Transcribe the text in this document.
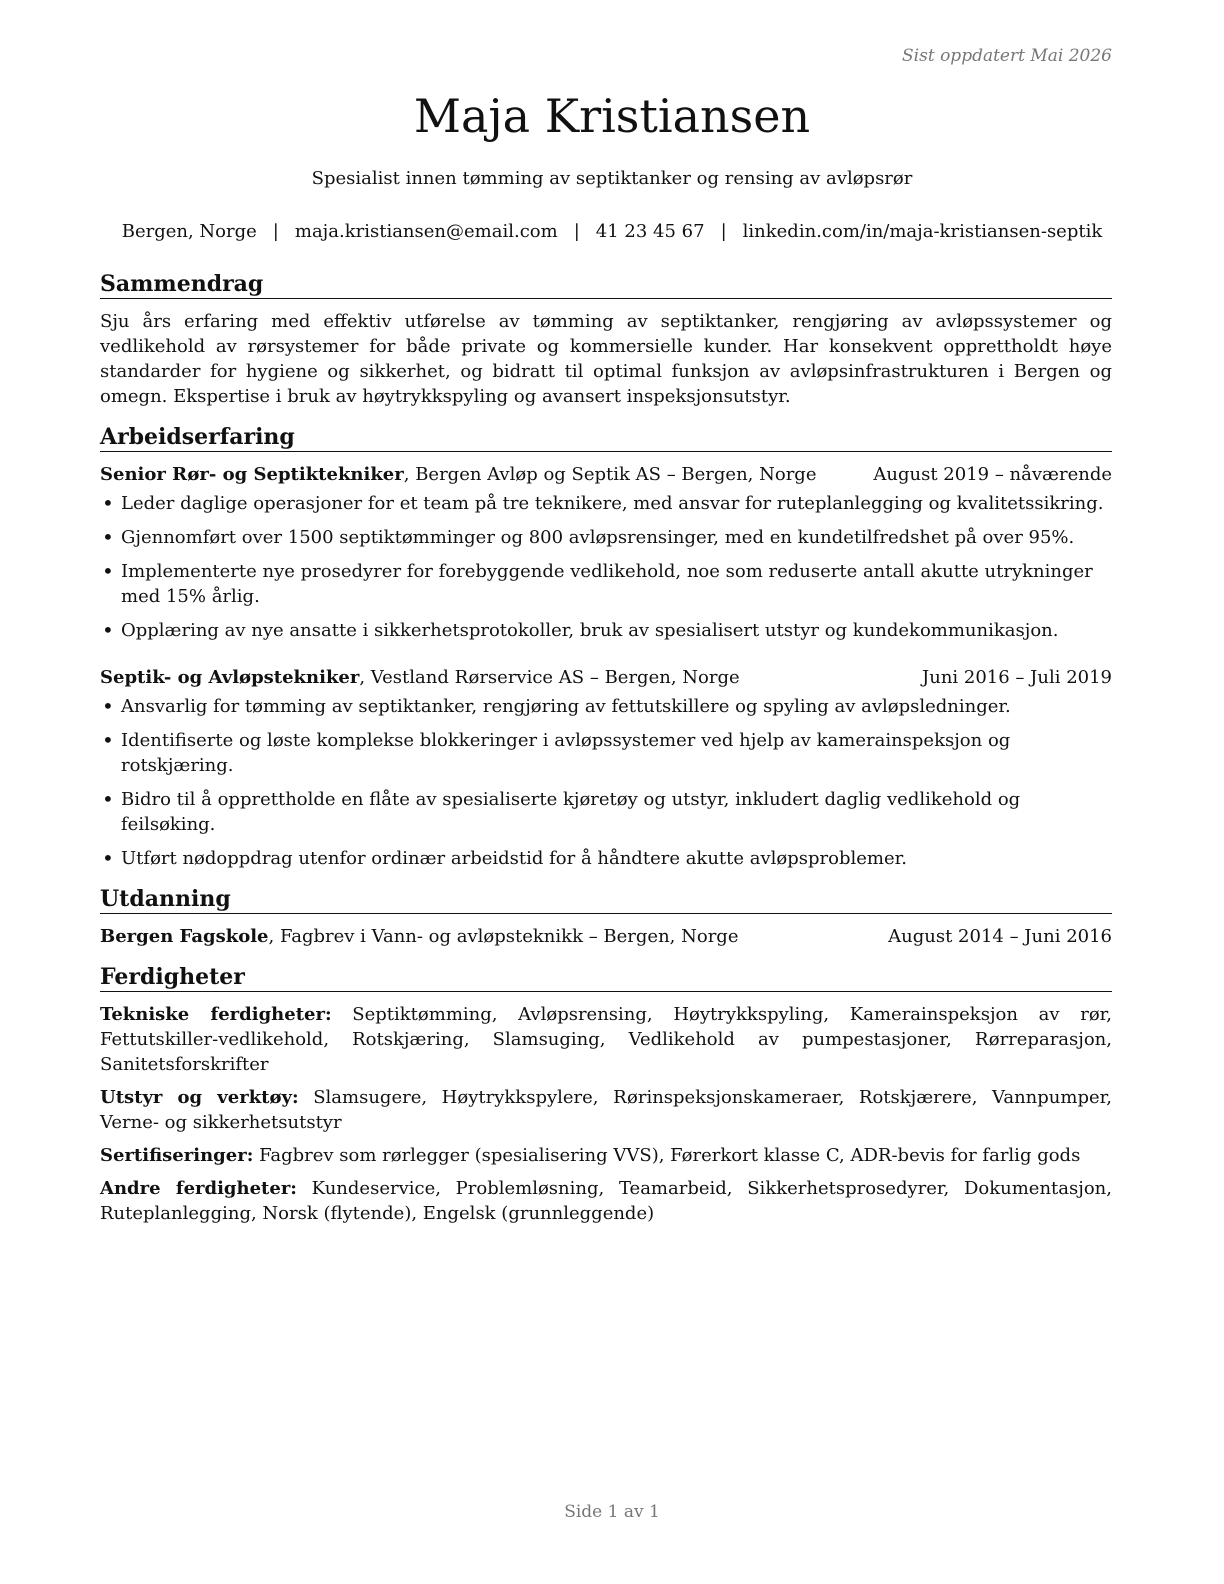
Sist oppdatert Mai 2026
Maja Kristiansen
Spesialist innen tømming av septiktanker og rensing av avløpsrør
Bergen, Norge | maja.kristiansen@email.com | 41 23 45 67 | linkedin.com/in/maja-kristiansen-septik
Sammendrag

Sju års erfaring med effektiv utførelse av tømming av septiktanker, rengjøring av avløpssystemer og vedlikehold av rørsystemer for både private og kommersielle kunder. Har konsekvent opprettholdt høye standarder for hygiene og sikkerhet, og bidratt til optimal funksjon av avløpsinfrastrukturen i Bergen og omegn. Ekspertise i bruk av høytrykkspyling og avansert inspeksjonsutstyr.

Arbeidserfaring
Senior Rør- og Septiktekniker, Bergen Avløp og Septik AS – Bergen, Norge	August 2019 – nåværende
• Leder daglige operasjoner for et team på tre teknikere, med ansvar for ruteplanlegging og kvalitetssikring.
• Gjennomført over 1500 septiktømminger og 800 avløpsrensinger, med en kundetilfredshet på over 95%.
• Implementerte nye prosedyrer for forebyggende vedlikehold, noe som reduserte antall akutte utrykninger med 15% årlig.
• Opplæring av nye ansatte i sikkerhetsprotokoller, bruk av spesialisert utstyr og kundekommunikasjon.
Septik- og Avløpstekniker, Vestland Rørservice AS – Bergen, Norge	Juni 2016 – Juli 2019
• Ansvarlig for tømming av septiktanker, rengjøring av fettutskillere og spyling av avløpsledninger.
• Identifiserte og løste komplekse blokkeringer i avløpssystemer ved hjelp av kamerainspeksjon og rotskjæring.
• Bidro til å opprettholde en flåte av spesialiserte kjøretøy og utstyr, inkludert daglig vedlikehold og feilsøking.
• Utført nødoppdrag utenfor ordinær arbeidstid for å håndtere akutte avløpsproblemer.
Utdanning
Bergen Fagskole, Fagbrev i Vann- og avløpsteknikk – Bergen, Norge	August 2014 – Juni 2016
Ferdigheter
Tekniske ferdigheter: Septiktømming, Avløpsrensing, Høytrykkspyling, Kamerainspeksjon av rør, Fettutskiller-vedlikehold, Rotskjæring, Slamsuging, Vedlikehold av pumpestasjoner, Rørreparasjon, Sanitetsforskrifter
Utstyr og verktøy: Slamsugere, Høytrykkspylere, Rørinspeksjonskameraer, Rotskjærere, Vannpumper, Verne- og sikkerhetsutstyr
Sertifiseringer: Fagbrev som rørlegger (spesialisering VVS), Førerkort klasse C, ADR-bevis for farlig gods
Andre ferdigheter: Kundeservice, Problemløsning, Teamarbeid, Sikkerhetsprosedyrer, Dokumentasjon, Ruteplanlegging, Norsk (flytende), Engelsk (grunnleggende)
Side 1 av 1
